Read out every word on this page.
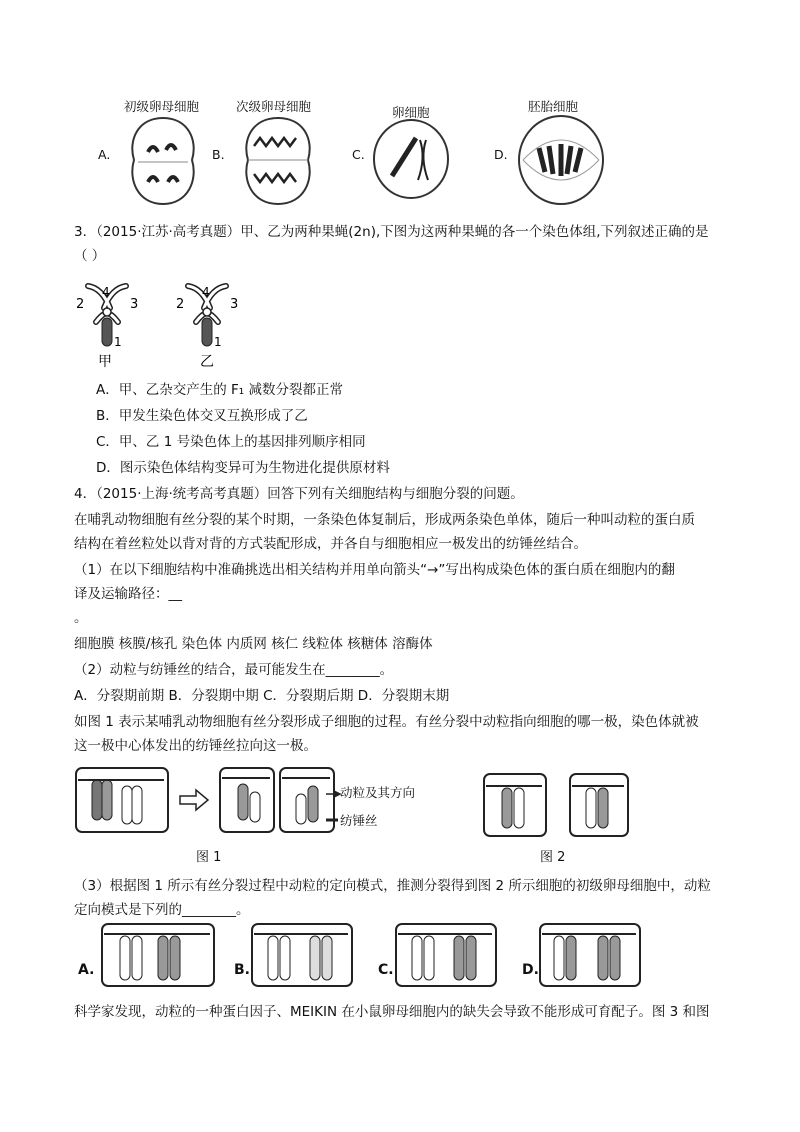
A.
初级卵母细胞
B.
次级卵母细胞
C.
卵细胞
D.
胚胎细胞
3．（2015·江苏·高考真题）甲、乙为两种果蝇(2n),下图为这两种果蝇的各一个染色体组,下列叙述正确的是
（ ）
2	3
4
1
甲
2	3
4
1
乙
A．甲、乙杂交产生的 F₁ 减数分裂都正常
B．甲发生染色体交叉互换形成了乙
C．甲、乙 1 号染色体上的基因排列顺序相同
D．图示染色体结构变异可为生物进化提供原材料
4．（2015·上海·统考高考真题）回答下列有关细胞结构与细胞分裂的问题。
在哺乳动物细胞有丝分裂的某个时期，一条染色体复制后，形成两条染色单体，随后一种叫动粒的蛋白质
结构在着丝粒处以背对背的方式装配形成，并各自与细胞相应一极发出的纺锤丝结合。
（1）在以下细胞结构中准确挑选出相关结构并用单向箭头“→”写出构成染色体的蛋白质在细胞内的翻
译及运输路径：__
。
细胞膜 核膜/核孔 染色体 内质网 核仁 线粒体 核糖体 溶酶体
（2）动粒与纺锤丝的结合，最可能发生在________。
A．分裂期前期 B．分裂期中期 C．分裂期后期 D．分裂期末期
如图 1 表示某哺乳动物细胞有丝分裂形成子细胞的过程。有丝分裂中动粒指向细胞的哪一极，染色体就被
这一极中心体发出的纺锤丝拉向这一极。
动粒及其方向
纺锤丝
图 1	图 2
（3）根据图 1 所示有丝分裂过程中动粒的定向模式，推测分裂得到图 2 所示细胞的初级卵母细胞中，动粒
定向模式是下列的________。
A.	B.	C.	D.
科学家发现，动粒的一种蛋白因子、MEIKIN 在小鼠卵母细胞内的缺失会导致不能形成可育配子。图 3 和图
